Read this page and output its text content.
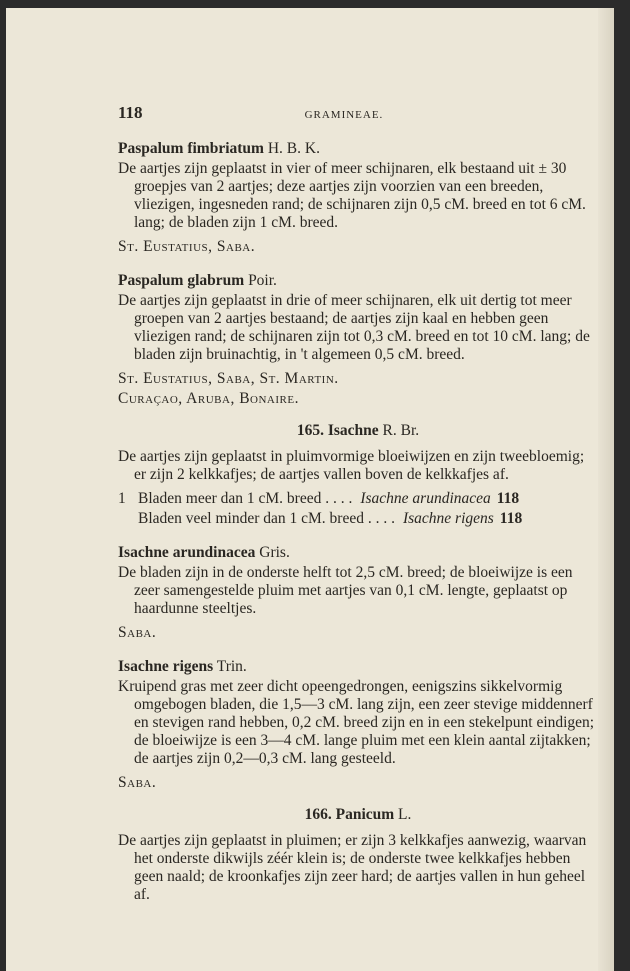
118	GRAMINEAE.
Paspalum fimbriatum H. B. K.

De aartjes zijn geplaatst in vier of meer schijnaren, elk bestaand uit ± 30 groepjes van 2 aartjes; deze aartjes zijn voorzien van een breeden, vliezigen, ingesneden rand; de schijnaren zijn 0,5 cM. breed en tot 6 cM. lang; de bladen zijn 1 cM. breed.

St. Eustatius, Saba.

Paspalum glabrum Poir.

De aartjes zijn geplaatst in drie of meer schijnaren, elk uit dertig tot meer groepen van 2 aartjes bestaand; de aartjes zijn kaal en hebben geen vliezigen rand; de schijnaren zijn tot 0,3 cM. breed en tot 10 cM. lang; de bladen zijn bruinachtig, in 't algemeen 0,5 cM. breed.

St. Eustatius, Saba, St. Martin.

Curaçao, Aruba, Bonaire.

165. Isachne R. Br.

De aartjes zijn geplaatst in pluimvormige bloeiwijzen en zijn tweebloemig; er zijn 2 kelkkafjes; de aartjes vallen boven de kelkkafjes af.

1 Bladen meer dan 1 cM. breed . . . . Isachne arundinacea 118
Bladen veel minder dan 1 cM. breed . . . . Isachne rigens 118
Isachne arundinacea Gris.

De bladen zijn in de onderste helft tot 2,5 cM. breed; de bloeiwijze is een zeer samengestelde pluim met aartjes van 0,1 cM. lengte, geplaatst op haardunne steeltjes.

Saba.

Isachne rigens Trin.

Kruipend gras met zeer dicht opeengedrongen, eenigszins sikkelvormig omgebogen bladen, die 1,5—3 cM. lang zijn, een zeer stevige middennerf en stevigen rand hebben, 0,2 cM. breed zijn en in een stekelpunt eindigen; de bloeiwijze is een 3—4 cM. lange pluim met een klein aantal zijtakken; de aartjes zijn 0,2—0,3 cM. lang gesteeld.

Saba.

166. Panicum L.

De aartjes zijn geplaatst in pluimen; er zijn 3 kelkkafjes aanwezig, waarvan het onderste dikwijls zéér klein is; de onderste twee kelkkafjes hebben geen naald; de kroonkafjes zijn zeer hard; de aartjes vallen in hun geheel af.
